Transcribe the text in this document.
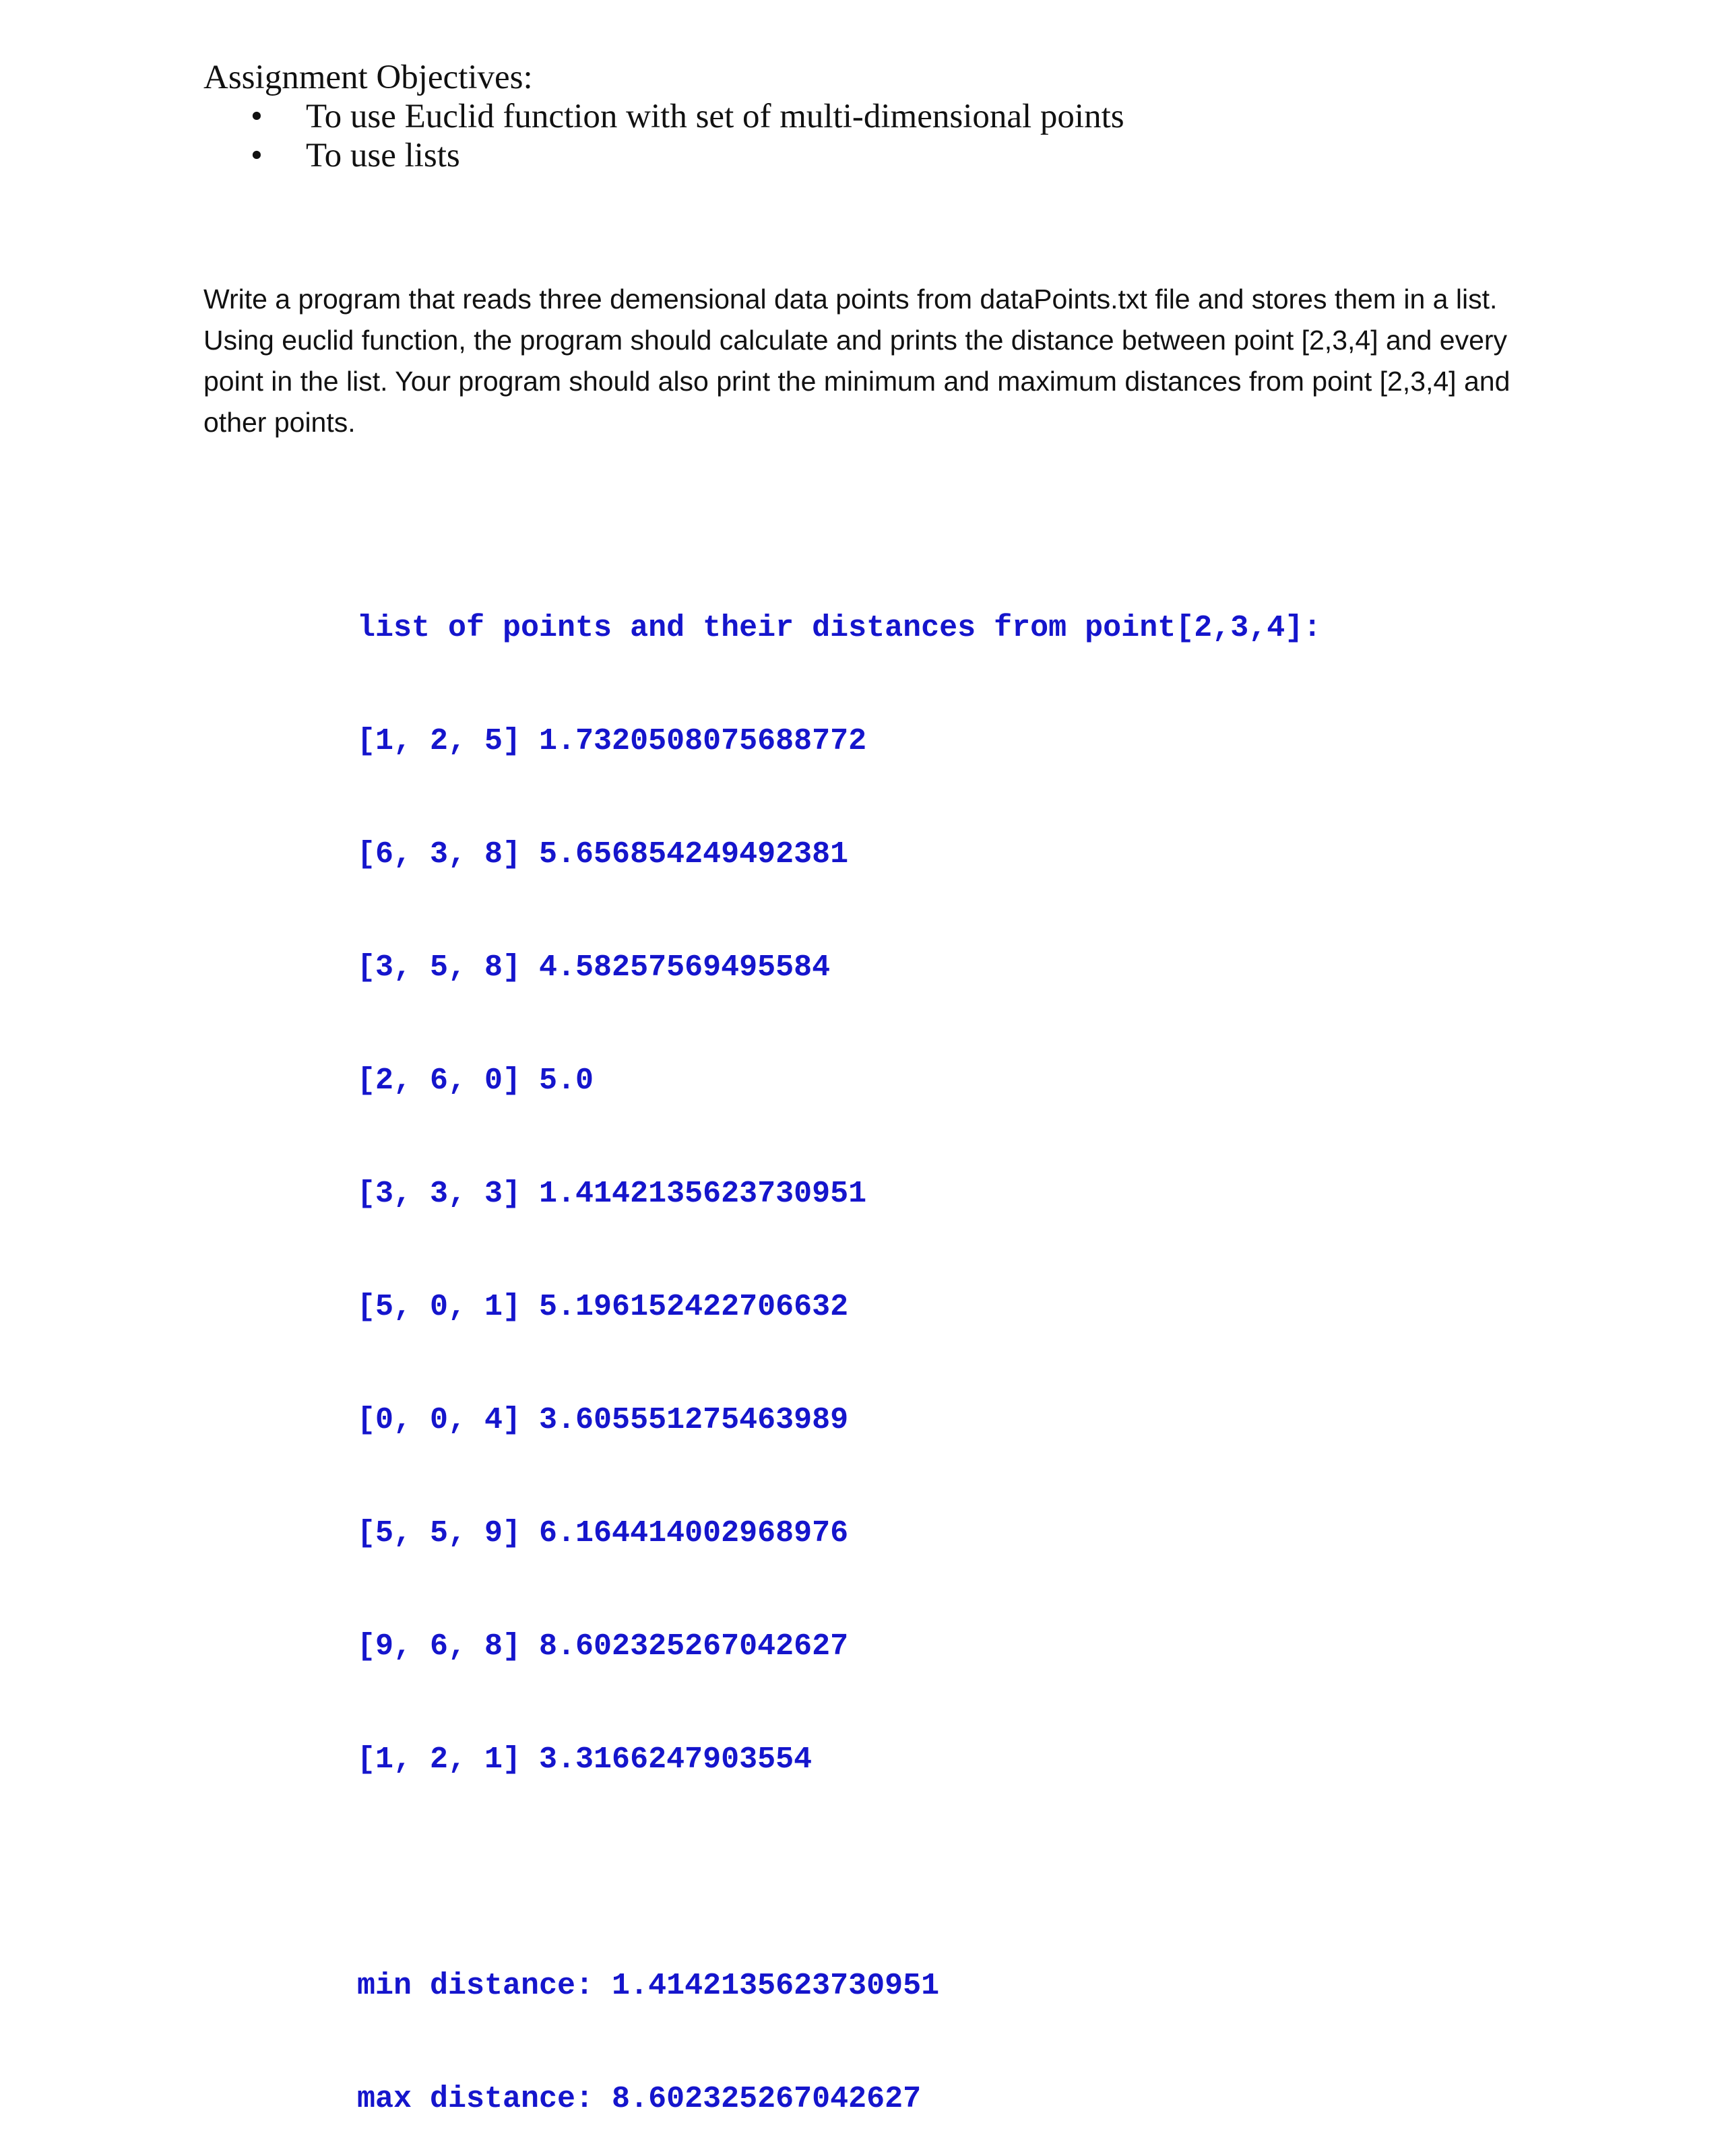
Assignment Objectives:

• To use Euclid function with set of multi-dimensional points
• To use lists

Write a program that reads three demensional data points from dataPoints.txt file and stores them in a list. Using euclid function, the program should calculate and prints the distance between point [2,3,4] and every point in the list. Your program should also print the minimum and maximum distances from point [2,3,4] and other points.

list of points and their distances from point[2,3,4]:

[1, 2, 5] 1.7320508075688772

[6, 3, 8] 5.656854249492381

[3, 5, 8] 4.58257569495584

[2, 6, 0] 5.0

[3, 3, 3] 1.4142135623730951

[5, 0, 1] 5.196152422706632

[0, 0, 4] 3.605551275463989

[5, 5, 9] 6.164414002968976

[9, 6, 8] 8.602325267042627

[1, 2, 1] 3.3166247903554

min distance: 1.4142135623730951

max distance: 8.602325267042627
